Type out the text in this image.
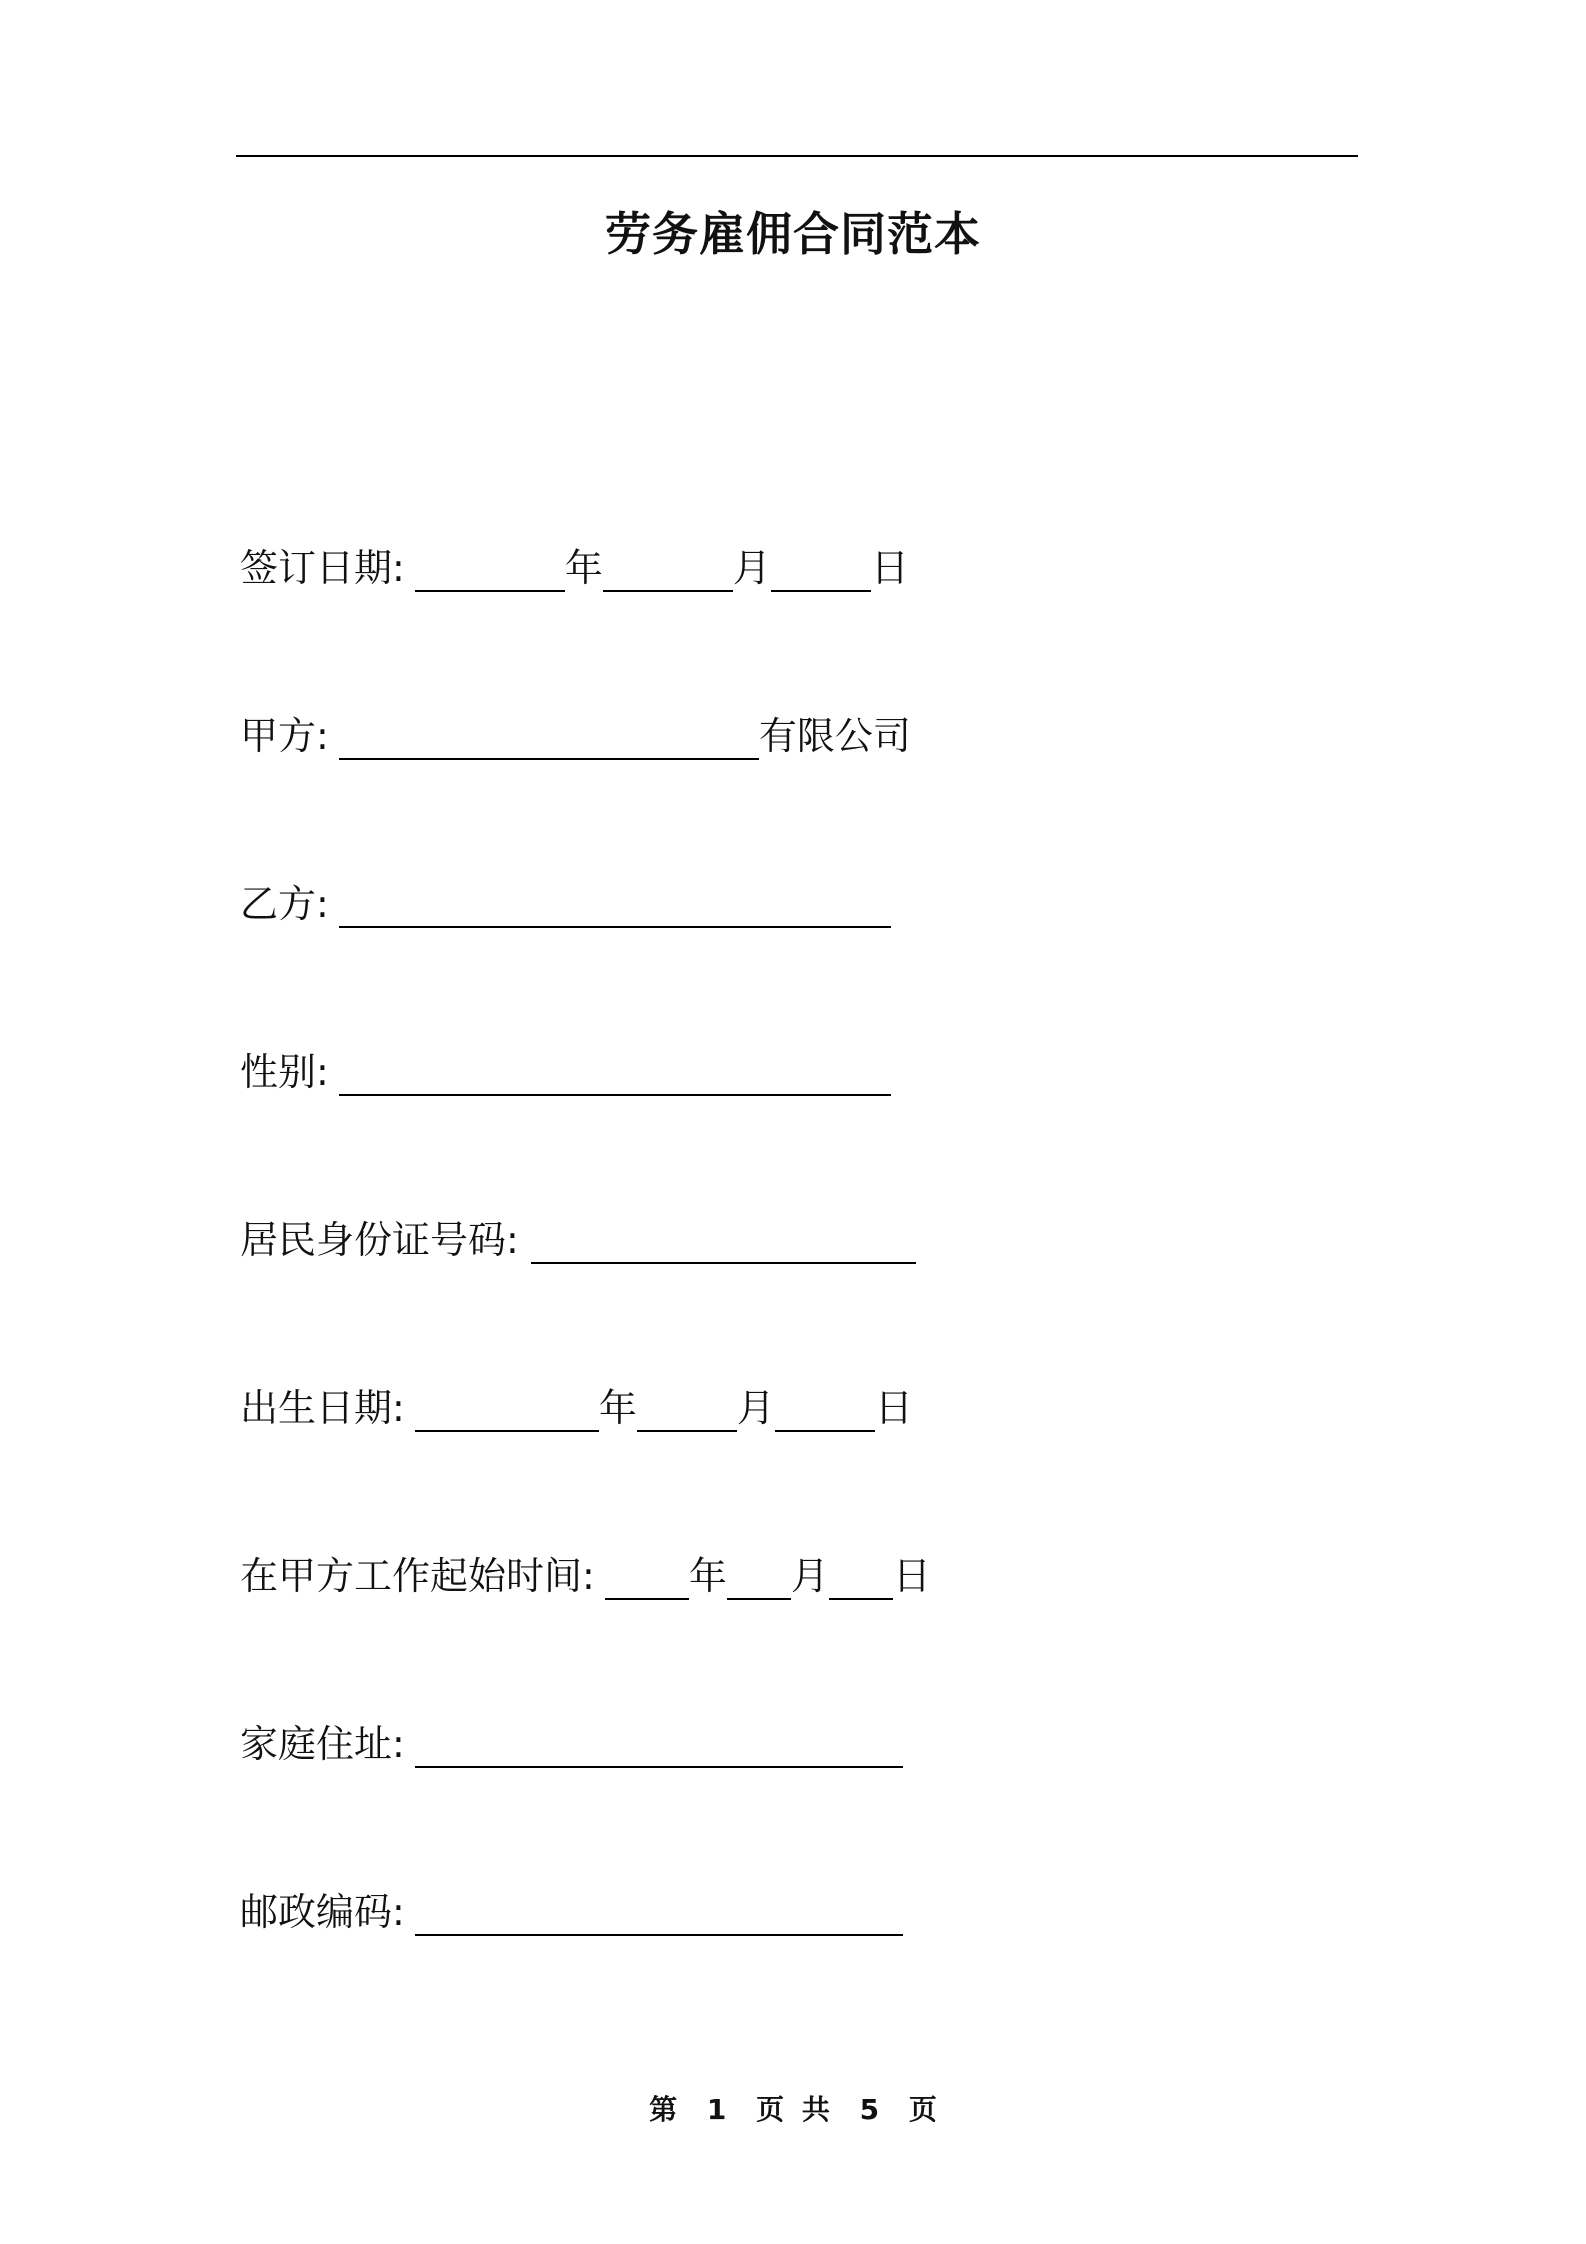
劳务雇佣合同范本
签订日期:	年	月	日
甲方:	有限公司
乙方:
性别:
居民身份证号码:
出生日期:	年	月	日
在甲方工作起始时间: 年 月 日
家庭住址:
邮政编码:
第 1 页 共 5 页
